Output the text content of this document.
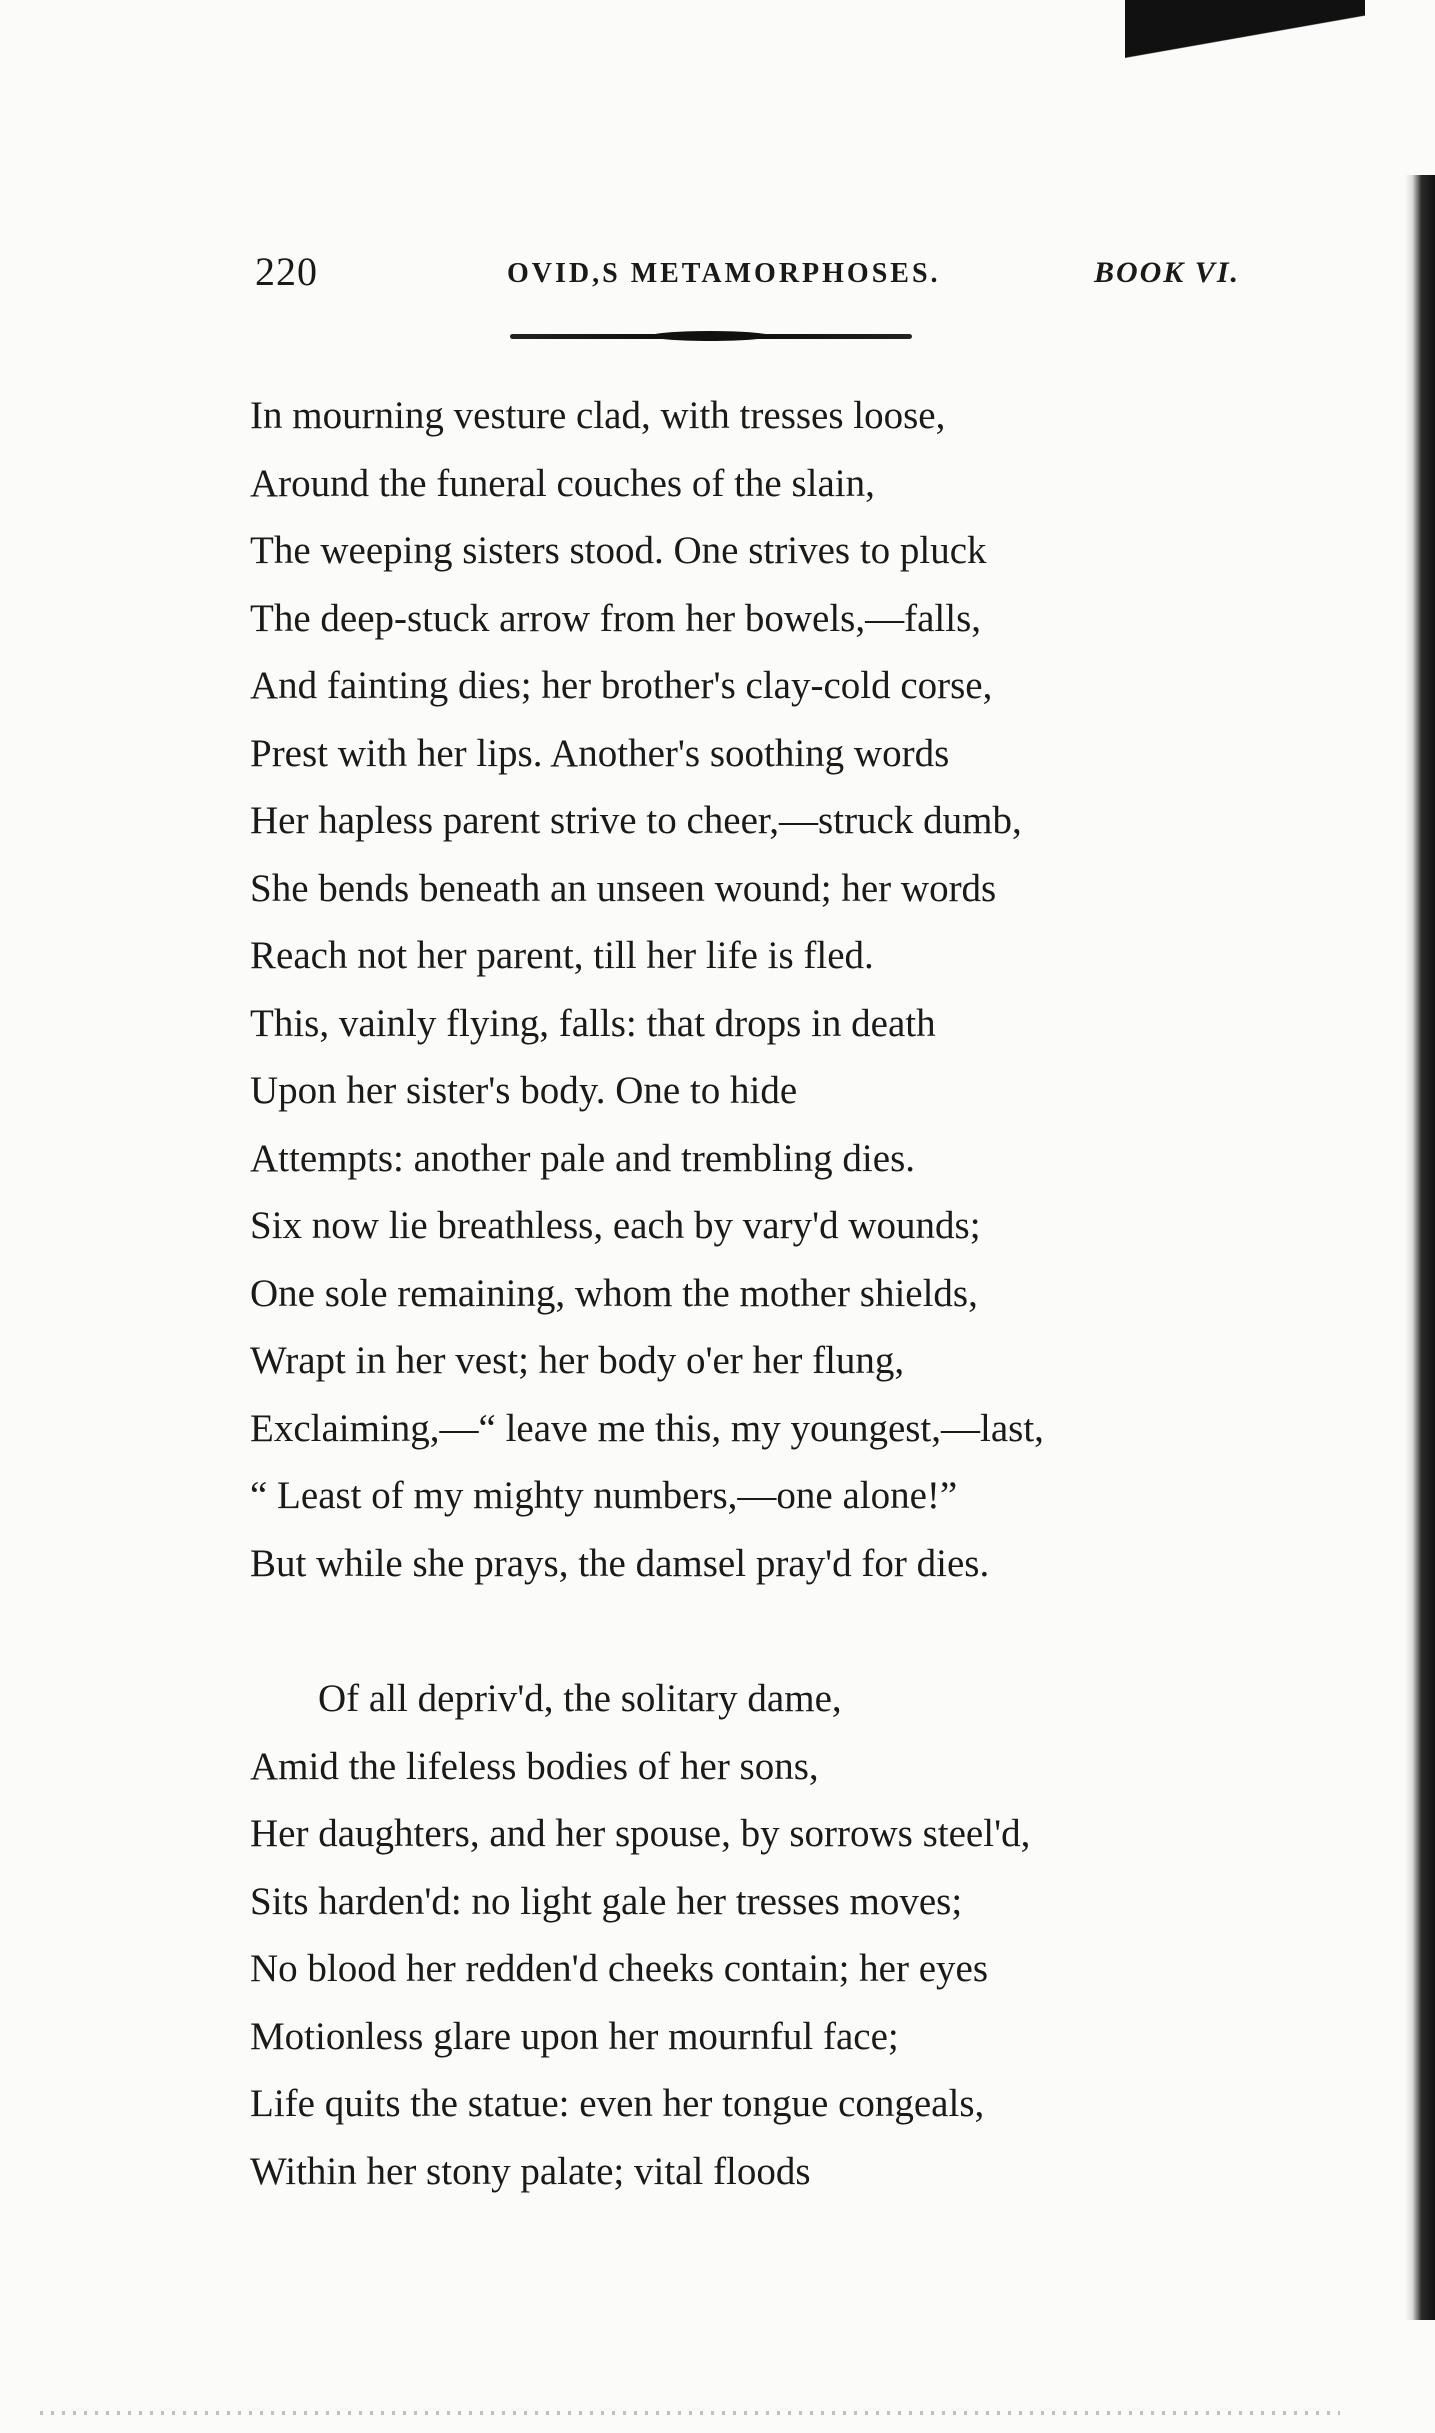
220	OVID,S METAMORPHOSES.	BOOK VI.
In mourning vesture clad, with tresses loose,
Around the funeral couches of the slain,
The weeping sisters stood. One strives to pluck
The deep-stuck arrow from her bowels,—falls,
And fainting dies; her brother's clay-cold corse,
Prest with her lips. Another's soothing words
Her hapless parent strive to cheer,—struck dumb,
She bends beneath an unseen wound; her words
Reach not her parent, till her life is fled.
This, vainly flying, falls: that drops in death
Upon her sister's body. One to hide
Attempts: another pale and trembling dies.
Six now lie breathless, each by vary'd wounds;
One sole remaining, whom the mother shields,
Wrapt in her vest; her body o'er her flung,
Exclaiming,—“ leave me this, my youngest,—last,
“ Least of my mighty numbers,—one alone!”
But while she prays, the damsel pray'd for dies.
Of all depriv'd, the solitary dame,
Amid the lifeless bodies of her sons,
Her daughters, and her spouse, by sorrows steel'd,
Sits harden'd: no light gale her tresses moves;
No blood her redden'd cheeks contain; her eyes
Motionless glare upon her mournful face;
Life quits the statue: even her tongue congeals,
Within her stony palate; vital floods
